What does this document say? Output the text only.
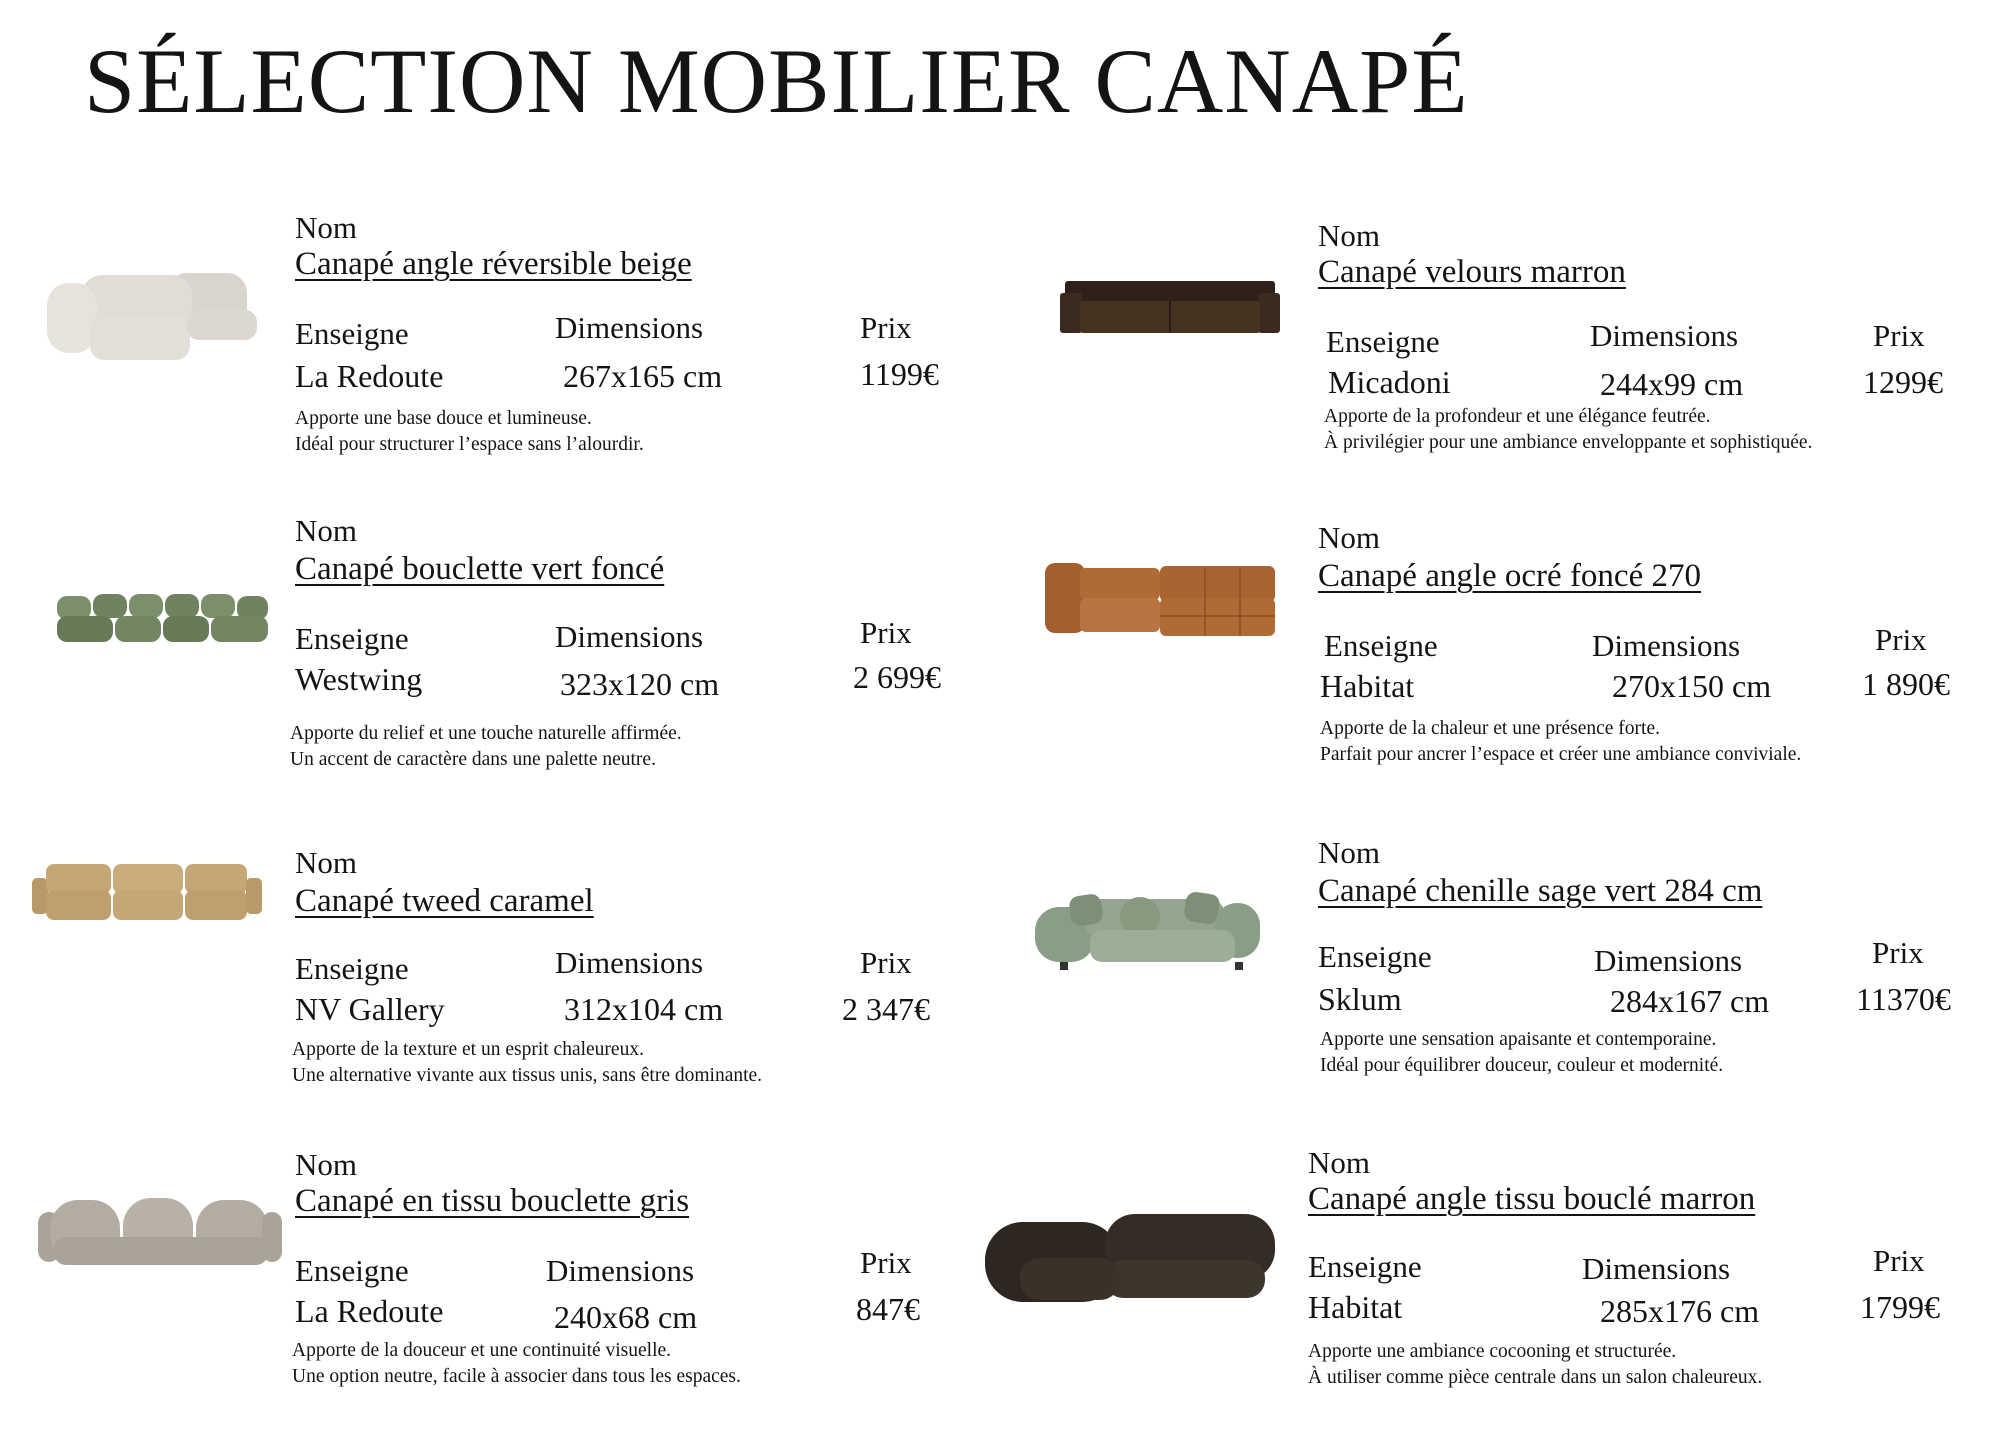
SÉLECTION MOBILIER CANAPÉ
Nom
Canapé angle réversible beige
Enseigne	Dimensions	Prix
La Redoute	267x165 cm	1199€
Apporte une base douce et lumineuse.
Idéal pour structurer l’espace sans l’alourdir.
Nom
Canapé velours marron
Enseigne	Dimensions	Prix
Micadoni	244x99 cm	1299€
Apporte de la profondeur et une élégance feutrée.
À privilégier pour une ambiance enveloppante et sophistiquée.
Nom
Canapé bouclette vert foncé
Enseigne	Dimensions	Prix
Westwing	323x120 cm	2 699€
Apporte du relief et une touche naturelle affirmée.
Un accent de caractère dans une palette neutre.
Nom
Canapé angle ocré foncé 270
Enseigne	Dimensions	Prix
Habitat	270x150 cm	1 890€
Apporte de la chaleur et une présence forte.
Parfait pour ancrer l’espace et créer une ambiance conviviale.
Nom
Canapé tweed caramel
Enseigne	Dimensions	Prix
NV Gallery	312x104 cm	2 347€
Apporte de la texture et un esprit chaleureux.
Une alternative vivante aux tissus unis, sans être dominante.
Nom
Canapé chenille sage vert 284 cm
Enseigne	Dimensions	Prix
Sklum	284x167 cm	11370€
Apporte une sensation apaisante et contemporaine.
Idéal pour équilibrer douceur, couleur et modernité.
Nom
Canapé en tissu bouclette gris
Enseigne	Dimensions	Prix
La Redoute	240x68 cm	847€
Apporte de la douceur et une continuité visuelle.
Une option neutre, facile à associer dans tous les espaces.
Nom
Canapé angle tissu bouclé marron
Enseigne	Dimensions	Prix
Habitat	285x176 cm	1799€
Apporte une ambiance cocooning et structurée.
À utiliser comme pièce centrale dans un salon chaleureux.
